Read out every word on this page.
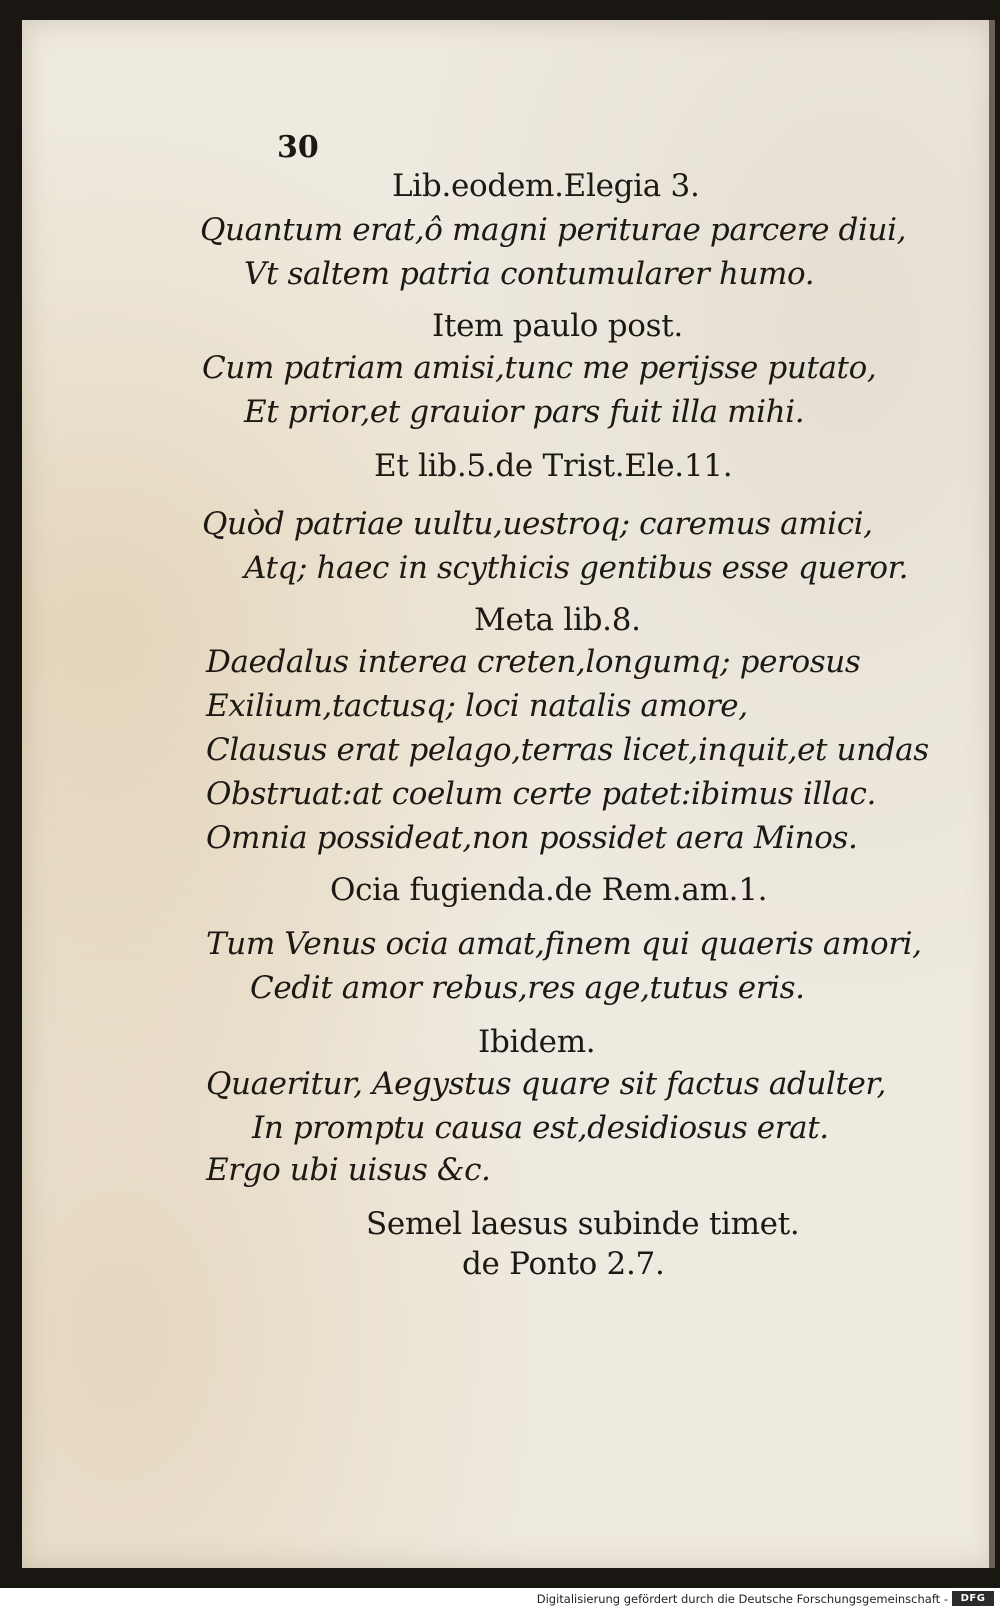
30
Lib.eodem.Elegia 3.
Quantum erat,ô magni periturae parcere diui,
Vt saltem patria contumularer humo.
Item paulo post.
Cum patriam amisi,tunc me perijsse putato,
Et prior,et grauior pars fuit illa mihi.
Et lib.5.de Trist.Ele.11.
Quòd patriae uultu,uestroq; caremus amici,
Atq; haec in scythicis gentibus esse queror.
Meta lib.8.
Daedalus interea creten,longumq; perosus
Exilium,tactusq; loci natalis amore,
Clausus erat pelago,terras licet,inquit,et undas
Obstruat:at coelum certe patet:ibimus illac.
Omnia possideat,non possidet aera Minos.
Ocia fugienda.de Rem.am.1.
Tum Venus ocia amat,finem qui quaeris amori,
Cedit amor rebus,res age,tutus eris.
Ibidem.
Quaeritur, Aegystus quare sit factus adulter,
In promptu causa est,desidiosus erat.
Ergo ubi uisus &c.
Semel laesus subinde timet.
de Ponto 2.7.
Digitalisierung gefördert durch die Deutsche Forschungsgemeinschaft -	DFG
